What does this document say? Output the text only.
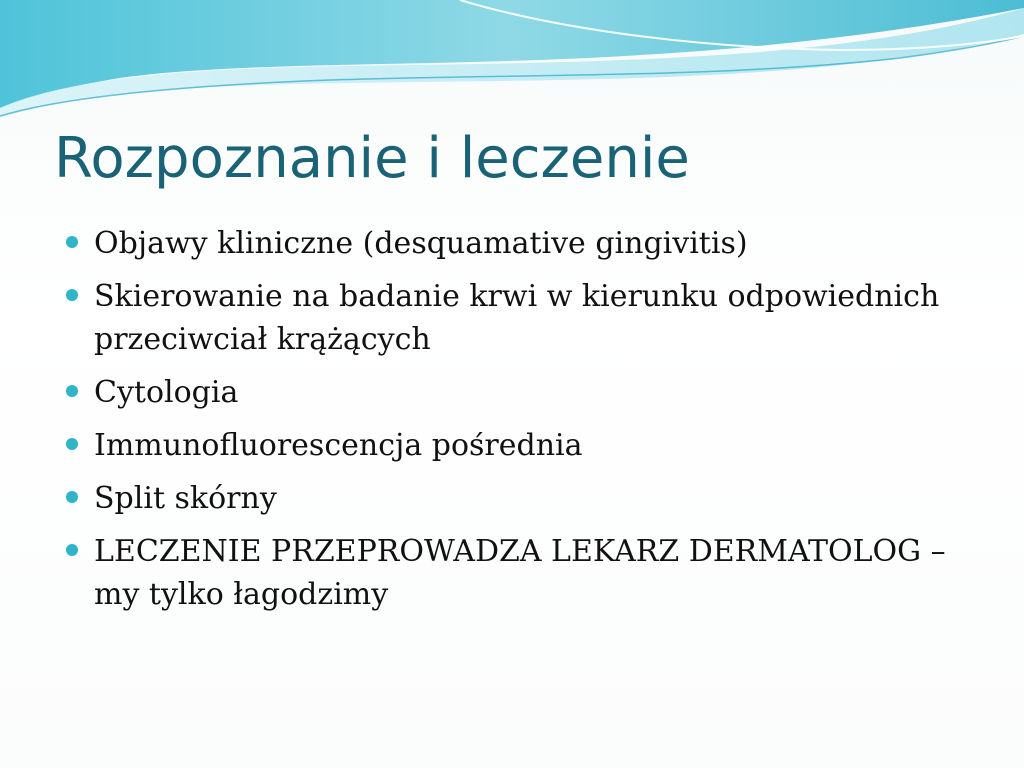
Rozpoznanie i leczenie
Objawy kliniczne (desquamative gingivitis)
Skierowanie na badanie krwi w kierunku odpowiednich przeciwciał krążących
Cytologia
Immunofluorescencja pośrednia
Split skórny
LECZENIE PRZEPROWADZA LEKARZ DERMATOLOG – my tylko łagodzimy
